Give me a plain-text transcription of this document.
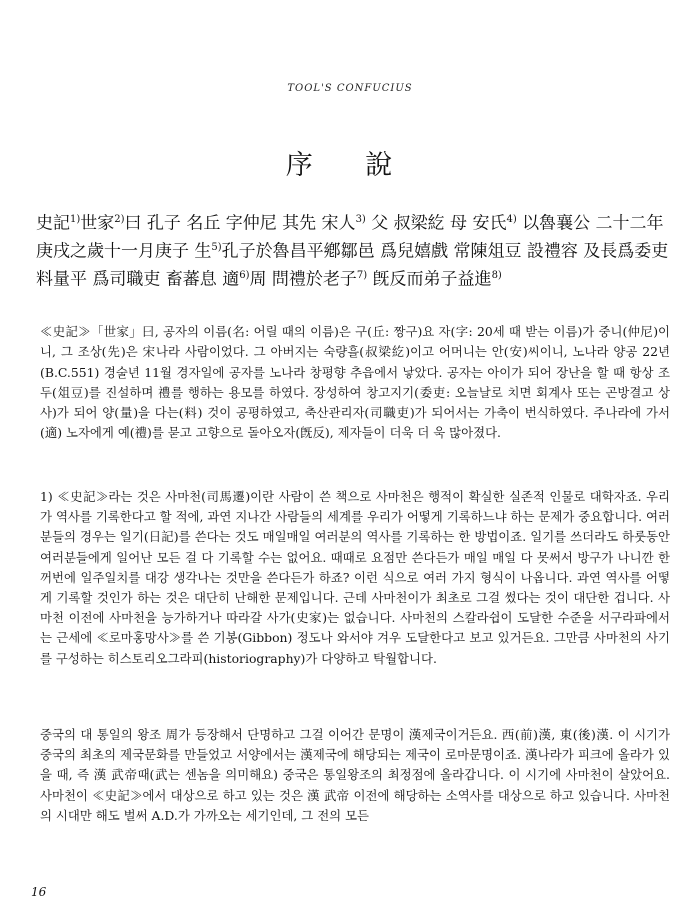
TOOL'S CONFUCIUS
序 說
史記$^{1)}$世家$^{2)}$曰 孔子 名丘 字仲尼 其先 宋人$^{3)}$ 父 叔梁紇 母 安氏$^{4)}$ 以魯襄公 二十二年庚戌之歲十一月庚子 生$^{5)}$孔子於魯昌平鄕鄒邑 爲兒嬉戲 常陳俎豆 設禮容 及長爲委吏 料量平 爲司職吏 畜蕃息 適$^{6)}$周 問禮於老子$^{7)}$ 旣反而弟子益進$^{8)}$
≪史記≫「世家」曰, 공자의 이름(名: 어릴 때의 이름)은 구(丘: 짱구)요 자(字: 20세 때 받는 이름)가 중니(仲尼)이니, 그 조상(先)은 宋나라 사람이었다. 그 아버지는 숙량흘(叔梁紇)이고 어머니는 안(安)씨이니, 노나라 양공 22년(B.C.551) 경술년 11월 경자일에 공자를 노나라 창평향 추읍에서 낳았다. 공자는 아이가 되어 장난을 할 때 항상 조두(俎豆)를 진설하며 禮를 행하는 용모를 하였다. 장성하여 창고지기(委吏: 오늘날로 치면 회계사 또는 곤방결고 상사)가 되어 양(量)을 다는(料) 것이 공평하였고, 축산관리자(司職吏)가 되어서는 가축이 번식하였다. 주나라에 가서(適) 노자에게 예(禮)를 묻고 고향으로 돌아오자(旣反), 제자들이 더욱 더 욱 많아졌다.
1) ≪史記≫라는 것은 사마천(司馬遷)이란 사람이 쓴 책으로 사마천은 행적이 확실한 실존적 인물로 대학자죠. 우리가 역사를 기록한다고 할 적에, 과연 지나간 사람들의 세계를 우리가 어떻게 기록하느냐 하는 문제가 중요합니다. 여러분들의 경우는 일기(日記)를 쓴다는 것도 매일매일 여러분의 역사를 기록하는 한 방법이죠. 일기를 쓰더라도 하룻동안 여러분들에게 일어난 모든 걸 다 기록할 수는 없어요. 때때로 요점만 쓴다든가 매일 매일 다 못써서 방구가 나니깐 한꺼번에 일주일치를 대강 생각나는 것만을 쓴다든가 하죠? 이런 식으로 여러 가지 형식이 나옵니다. 과연 역사를 어떻게 기록할 것인가 하는 것은 대단히 난해한 문제입니다. 근데 사마천이가 최초로 그걸 썼다는 것이 대단한 겁니다. 사마천 이전에 사마천을 능가하거나 따라갈 사가(史家)는 없습니다. 사마천의 스칼라쉽이 도달한 수준을 서구라파에서는 근세에 ≪로마홍망사≫를 쓴 기봉(Gibbon) 정도나 와서야 겨우 도달한다고 보고 있거든요. 그만큼 사마천의 사기를 구성하는 히스토리오그라피(historiography)가 다양하고 탁월합니다.
중국의 대 통일의 왕조 周가 등장해서 단명하고 그걸 이어간 문명이 漢제국이거든요. 西(前)漢, 東(後)漢. 이 시기가 중국의 최초의 제국문화를 만들었고 서양에서는 漢제국에 해당되는 제국이 로마문명이죠. 漢나라가 피크에 올라가 있을 때, 즉 漢 武帝때(武는 센놈을 의미해요) 중국은 통일왕조의 최정점에 올라갑니다. 이 시기에 사마천이 살았어요. 사마천이 ≪史記≫에서 대상으로 하고 있는 것은 漢 武帝 이전에 해당하는 소역사를 대상으로 하고 있습니다. 사마천의 시대만 해도 벌써 A.D.가 가까오는 세기인데, 그 전의 모든
16
